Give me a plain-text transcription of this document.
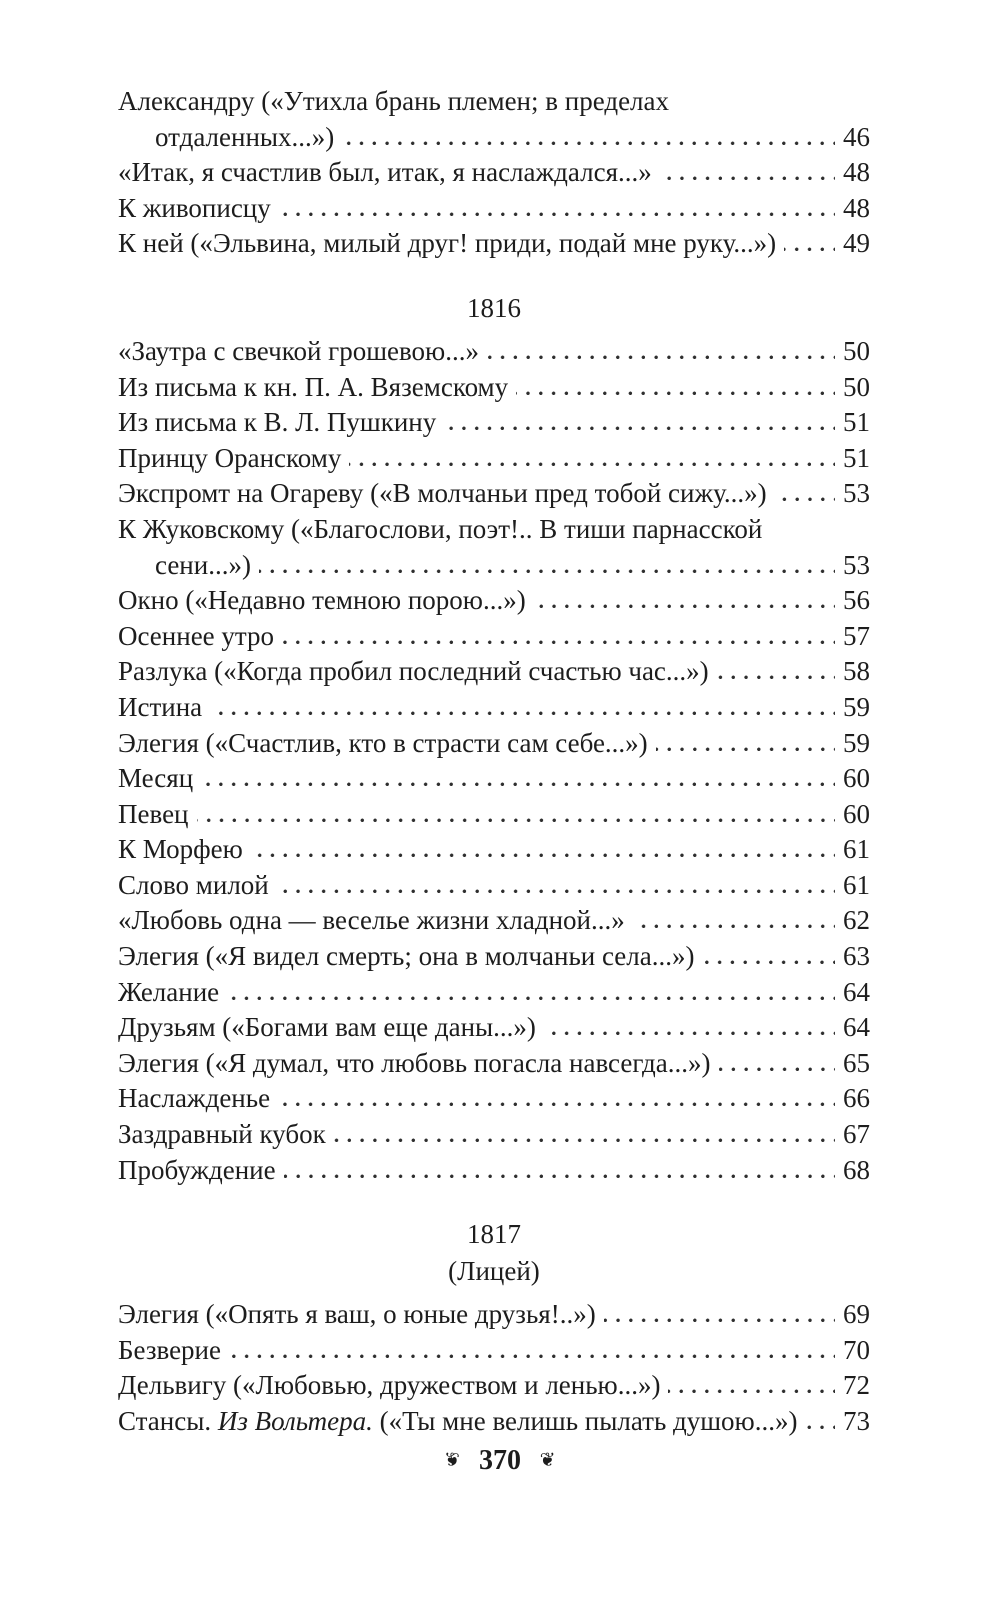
Александру («Утихла брань племен; в пределах
отдаленных...»)	46
«Итак, я счастлив был, итак, я наслаждался...»	48
К живописцу	48
К ней («Эльвина, милый друг! приди, подай мне руку...») 49
1816
«Заутра с свечкой грошевою...»	50
Из письма к кн. П. А. Вяземскому	50
Из письма к В. Л. Пушкину	51
Принцу Оранскому	51
Экспромт на Огареву («В молчаньи пред тобой сижу...»)	53
К Жуковскому («Благослови, поэт!.. В тиши парнасской
сени...»)	53
Окно («Недавно темною порою...»)	56
Осеннее утро	57
Разлука («Когда пробил последний счастью час...»)	58
Истина	59
Элегия («Счастлив, кто в страсти сам себе...»)	59
Месяц	60
Певец	60
К Морфею	61
Слово милой	61
«Любовь одна — веселье жизни хладной...»	62
Элегия («Я видел смерть; она в молчаньи села...»)	63
Желание	64
Друзьям («Богами вам еще даны...»)	64
Элегия («Я думал, что любовь погасла навсегда...»)	65
Наслажденье	66
Заздравный кубок	67
Пробуждение	68
1817
(Лицей)
Элегия («Опять я ваш, о юные друзья!..»)	69
Безверие	70
Дельвигу («Любовью, дружеством и ленью...»)	72
Стансы. Из Вольтера. («Ты мне велишь пылать душою...») 73
❦ 370 ❦
